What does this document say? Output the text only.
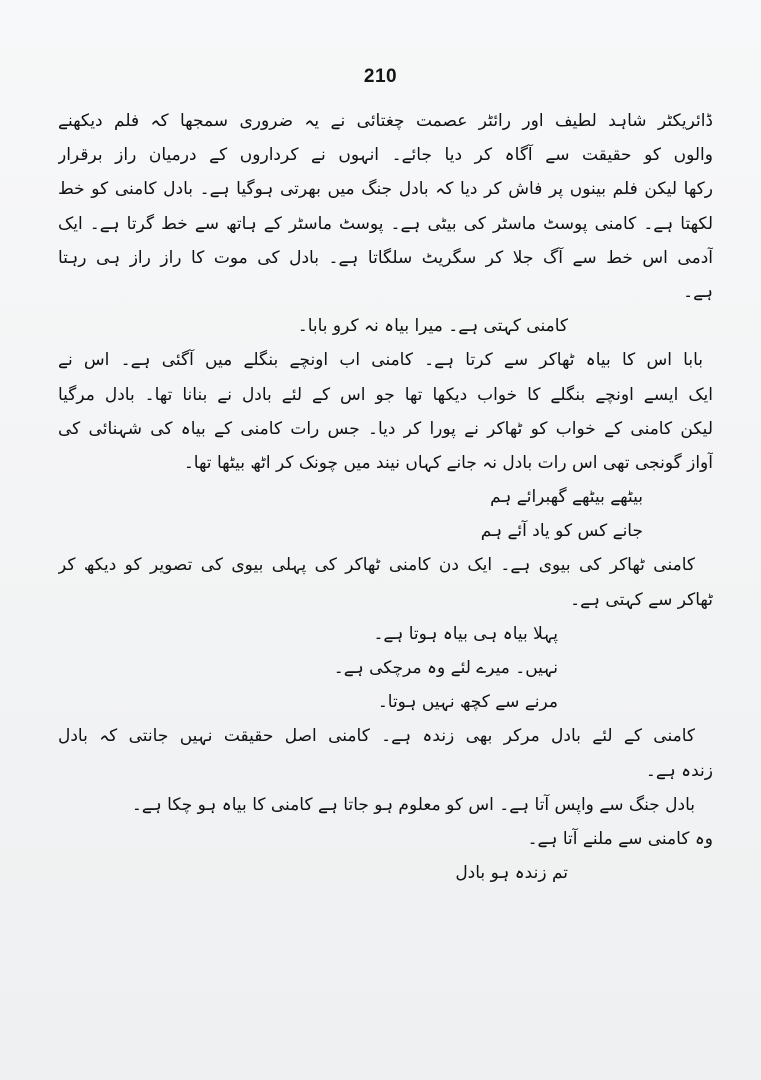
210
ڈائریکٹر شاہد لطیف اور رائٹر عصمت چغتائی نے یہ ضروری سمجھا کہ فلم دیکھنے
والوں کو حقیقت سے آگاہ کر دیا جائے۔ انہوں نے کرداروں کے درمیان راز برقرار
رکھا لیکن فلم بینوں پر فاش کر دیا کہ بادل جنگ میں بھرتی ہوگیا ہے۔ بادل کامنی کو خط
لکھتا ہے۔ کامنی پوسٹ ماسٹر کی بیٹی ہے۔ پوسٹ ماسٹر کے ہاتھ سے خط گرتا ہے۔ ایک
آدمی اس خط سے آگ جلا کر سگریٹ سلگاتا ہے۔ بادل کی موت کا راز راز ہی رہتا
ہے۔
کامنی کہتی ہے۔ میرا بیاہ نہ کرو بابا۔
بابا اس کا بیاہ ٹھاکر سے کرتا ہے۔ کامنی اب اونچے بنگلے میں آگئی ہے۔ اس نے
ایک ایسے اونچے بنگلے کا خواب دیکھا تھا جو اس کے لئے بادل نے بنانا تھا۔ بادل مرگیا
لیکن کامنی کے خواب کو ٹھاکر نے پورا کر دیا۔ جس رات کامنی کے بیاہ کی شہنائی کی
آواز گونجی تھی اس رات بادل نہ جانے کہاں نیند میں چونک کر اٹھ بیٹھا تھا۔
بیٹھے بیٹھے گھبرائے ہم
جانے کس کو یاد آئے ہم
کامنی ٹھاکر کی بیوی ہے۔ ایک دن کامنی ٹھاکر کی پہلی بیوی کی تصویر کو دیکھ کر
ٹھاکر سے کہتی ہے۔
پہلا بیاہ ہی بیاہ ہوتا ہے۔
نہیں۔ میرے لئے وہ مرچکی ہے۔
مرنے سے کچھ نہیں ہوتا۔
کامنی کے لئے بادل مرکر بھی زندہ ہے۔ کامنی اصل حقیقت نہیں جانتی کہ بادل
زندہ ہے۔
بادل جنگ سے واپس آتا ہے۔ اس کو معلوم ہو جاتا ہے کامنی کا بیاہ ہو چکا ہے۔
وہ کامنی سے ملنے آتا ہے۔
تم زندہ ہو بادل
